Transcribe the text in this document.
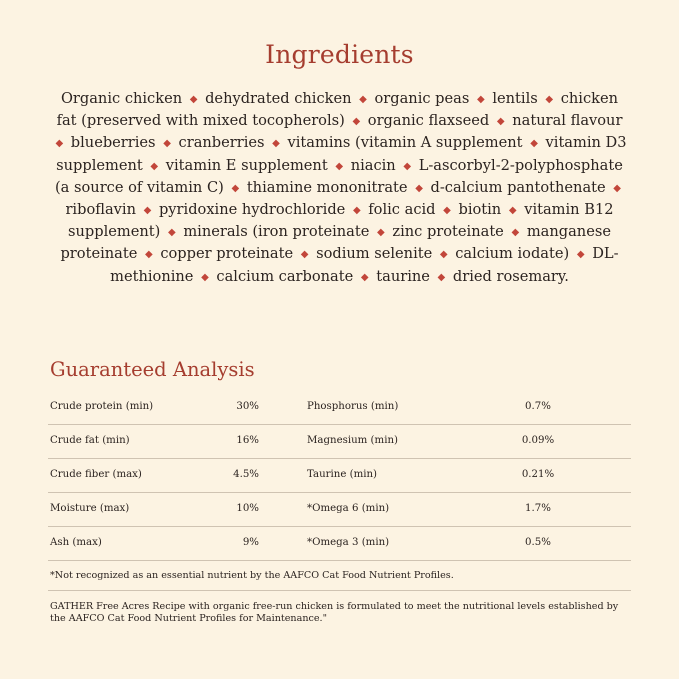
Ingredients

Organic chicken ◆ dehydrated chicken ◆ organic peas ◆ lentils ◆ chicken fat (preserved with mixed tocopherols) ◆ organic flaxseed ◆ natural flavour ◆ blueberries ◆ cranberries ◆ vitamins (vitamin A supplement ◆ vitamin D3 supplement ◆ vitamin E supplement ◆ niacin ◆ L-ascorbyl-2-polyphosphate (a source of vitamin C) ◆ thiamine mononitrate ◆ d-calcium pantothenate ◆ riboflavin ◆ pyridoxine hydrochloride ◆ folic acid ◆ biotin ◆ vitamin B12 supplement) ◆ minerals (iron proteinate ◆ zinc proteinate ◆ manganese proteinate ◆ copper proteinate ◆ sodium selenite ◆ calcium iodate) ◆ DL-methionine ◆ calcium carbonate ◆ taurine ◆ dried rosemary.

Guaranteed Analysis
Crude protein (min)	30%	Phosphorus (min)	0.7%
Crude fat (min)	16%	Magnesium (min)	0.09%
Crude fiber (max)	4.5%	Taurine (min)	0.21%
Moisture (max)	10%	*Omega 6 (min)	1.7%
Ash (max)	9%	*Omega 3 (min)	0.5%
*Not recognized as an essential nutrient by the AAFCO Cat Food Nutrient Profiles.
GATHER Free Acres Recipe with organic free-run chicken is formulated to meet the nutritional levels established by the AAFCO Cat Food Nutrient Profiles for Maintenance."
